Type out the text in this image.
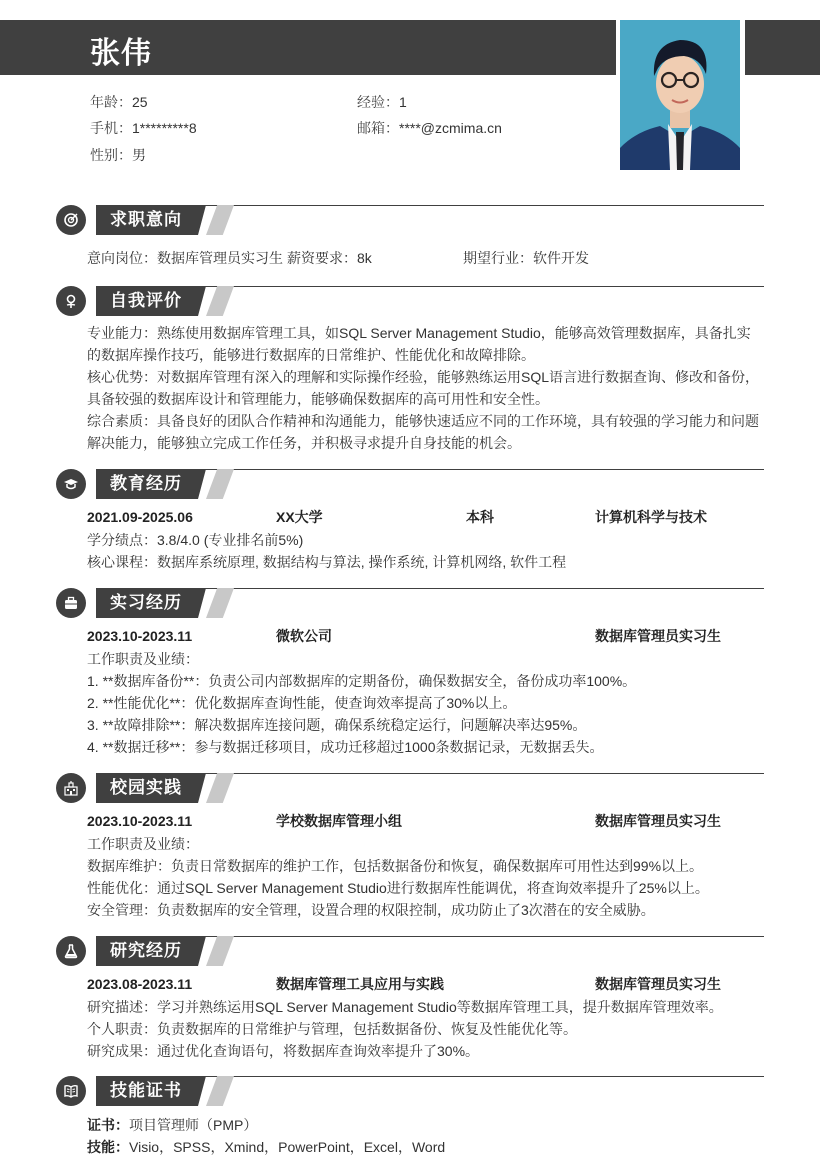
张伟
年龄：25	经验：1
手机：1*********8	邮箱：****@zcmima.cn
性别：男
求职意向
意向岗位：数据库管理员实习生 薪资要求：8k	期望行业：软件开发
自我评价

专业能力：熟练使用数据库管理工具，如SQL Server Management Studio，能够高效管理数据库，具备扎实的数据库操作技巧，能够进行数据库的日常维护、性能优化和故障排除。

核心优势：对数据库管理有深入的理解和实际操作经验，能够熟练运用SQL语言进行数据查询、修改和备份，具备较强的数据库设计和管理能力，能够确保数据库的高可用性和安全性。

综合素质：具备良好的团队合作精神和沟通能力，能够快速适应不同的工作环境，具有较强的学习能力和问题解决能力，能够独立完成工作任务，并积极寻求提升自身技能的机会。

教育经历
2021.09-2025.06	XX大学	本科	计算机科学与技术

学分绩点：3.8/4.0 (专业排名前5%)

核心课程：数据库系统原理, 数据结构与算法, 操作系统, 计算机网络, 软件工程

实习经历
2023.10-2023.11	微软公司	数据库管理员实习生

工作职责及业绩：

1. **数据库备份**：负责公司内部数据库的定期备份，确保数据安全，备份成功率100%。

2. **性能优化**：优化数据库查询性能，使查询效率提高了30%以上。

3. **故障排除**：解决数据库连接问题，确保系统稳定运行，问题解决率达95%。

4. **数据迁移**：参与数据迁移项目，成功迁移超过1000条数据记录，无数据丢失。

校园实践
2023.10-2023.11	学校数据库管理小组	数据库管理员实习生

工作职责及业绩：

数据库维护：负责日常数据库的维护工作，包括数据备份和恢复，确保数据库可用性达到99%以上。

性能优化：通过SQL Server Management Studio进行数据库性能调优，将查询效率提升了25%以上。

安全管理：负责数据库的安全管理，设置合理的权限控制，成功防止了3次潜在的安全威胁。

研究经历
2023.08-2023.11	数据库管理工具应用与实践	数据库管理员实习生

研究描述：学习并熟练运用SQL Server Management Studio等数据库管理工具，提升数据库管理效率。

个人职责：负责数据库的日常维护与管理，包括数据备份、恢复及性能优化等。

研究成果：通过优化查询语句，将数据库查询效率提升了30%。

技能证书

证书：项目管理师（PMP）

技能：Visio，SPSS，Xmind，PowerPoint，Excel，Word
